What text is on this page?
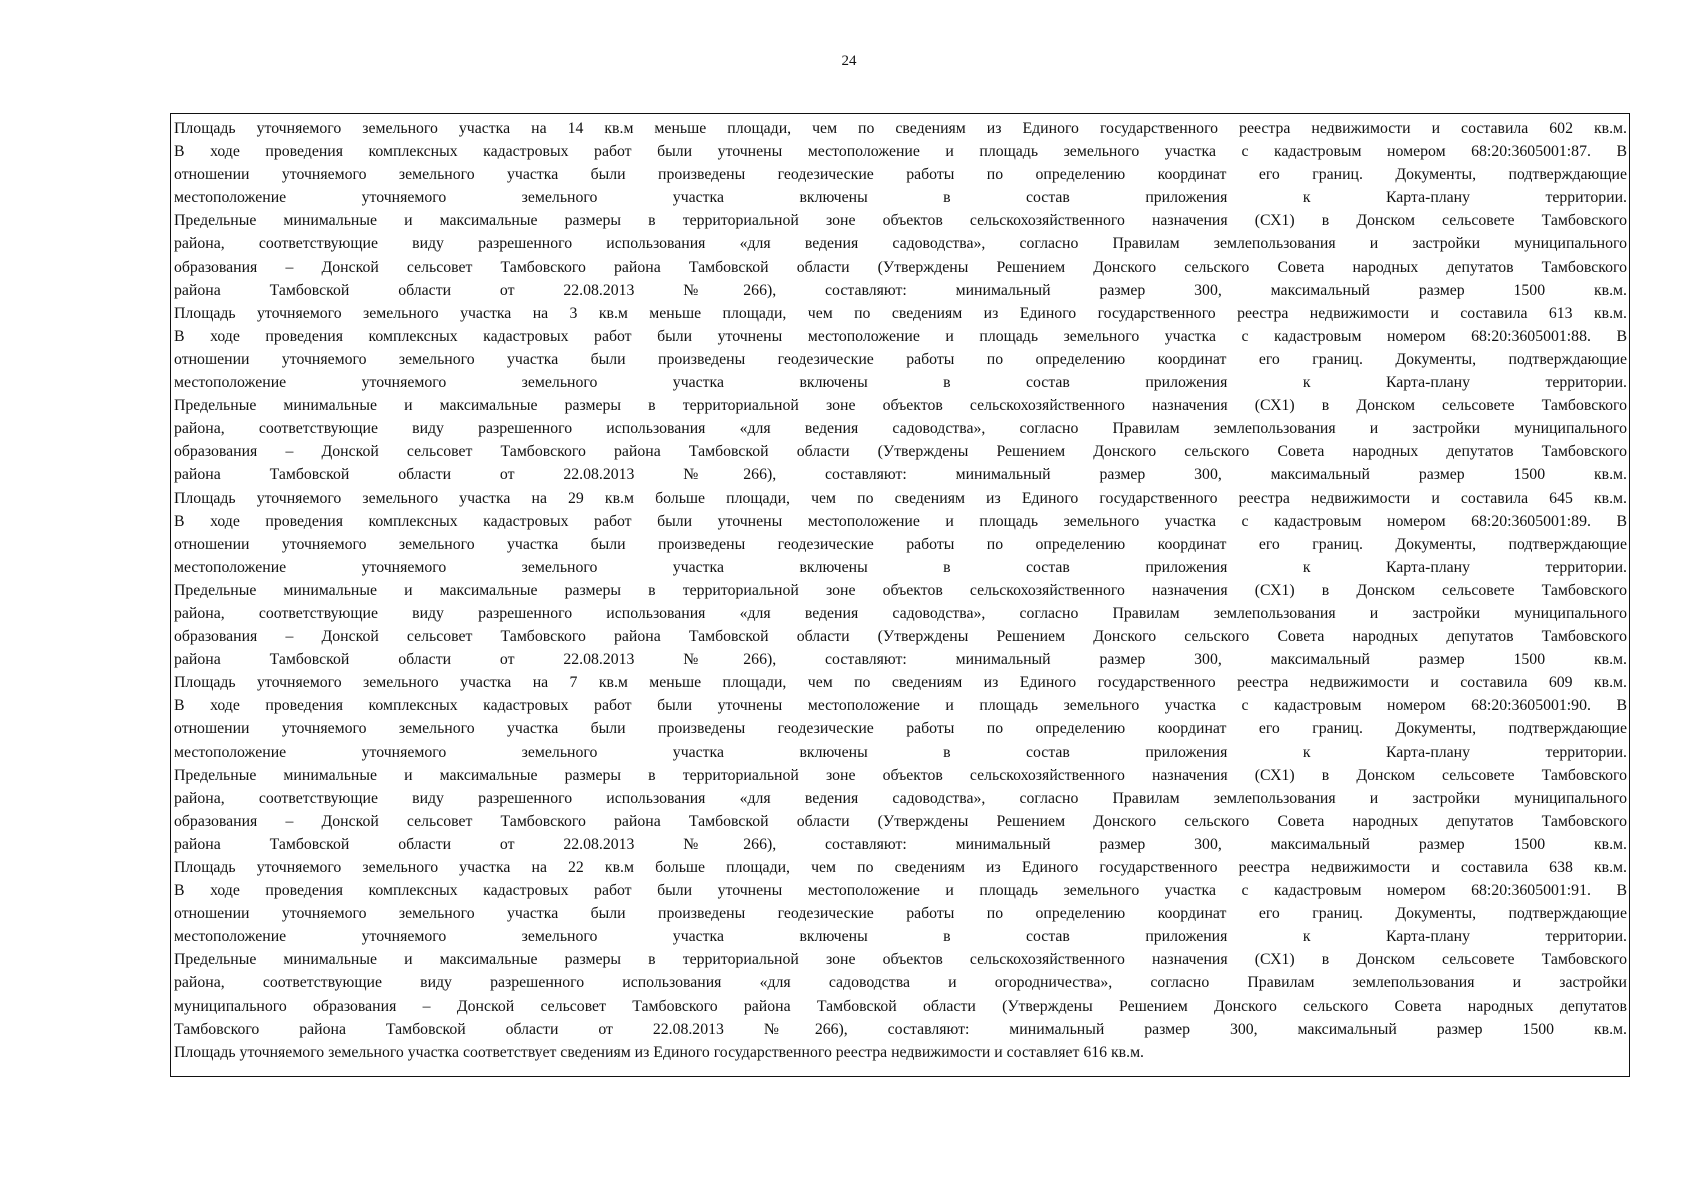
24
Площадь уточняемого земельного участка на 14 кв.м меньше площади, чем по сведениям из Единого государственного реестра недвижимости и составила 602 кв.м.
В ходе проведения комплексных кадастровых работ были уточнены местоположение и площадь земельного участка с кадастровым номером 68:20:3605001:87. В
отношении уточняемого земельного участка были произведены геодезические работы по определению координат его границ. Документы, подтверждающие
местоположение уточняемого земельного участка включены в состав приложения к Карта-плану территории.
Предельные минимальные и максимальные размеры в территориальной зоне объектов сельскохозяйственного назначения (СХ1) в Донском сельсовете Тамбовского
района, соответствующие виду разрешенного использования «для ведения садоводства», согласно Правилам землепользования и застройки муниципального
образования – Донской сельсовет Тамбовского района Тамбовской области (Утверждены Решением Донского сельского Совета народных депутатов Тамбовского
района Тамбовской области от 22.08.2013 №266), составляют: минимальный размер 300, максимальный размер 1500 кв.м.
Площадь уточняемого земельного участка на 3 кв.м меньше площади, чем по сведениям из Единого государственного реестра недвижимости и составила 613 кв.м.
В ходе проведения комплексных кадастровых работ были уточнены местоположение и площадь земельного участка с кадастровым номером 68:20:3605001:88. В
отношении уточняемого земельного участка были произведены геодезические работы по определению координат его границ. Документы, подтверждающие
местоположение уточняемого земельного участка включены в состав приложения к Карта-плану территории.
Предельные минимальные и максимальные размеры в территориальной зоне объектов сельскохозяйственного назначения (СХ1) в Донском сельсовете Тамбовского
района, соответствующие виду разрешенного использования «для ведения садоводства», согласно Правилам землепользования и застройки муниципального
образования – Донской сельсовет Тамбовского района Тамбовской области (Утверждены Решением Донского сельского Совета народных депутатов Тамбовского
района Тамбовской области от 22.08.2013 №266), составляют: минимальный размер 300, максимальный размер 1500 кв.м.
Площадь уточняемого земельного участка на 29 кв.м больше площади, чем по сведениям из Единого государственного реестра недвижимости и составила 645 кв.м.
В ходе проведения комплексных кадастровых работ были уточнены местоположение и площадь земельного участка с кадастровым номером 68:20:3605001:89. В
отношении уточняемого земельного участка были произведены геодезические работы по определению координат его границ. Документы, подтверждающие
местоположение уточняемого земельного участка включены в состав приложения к Карта-плану территории.
Предельные минимальные и максимальные размеры в территориальной зоне объектов сельскохозяйственного назначения (СХ1) в Донском сельсовете Тамбовского
района, соответствующие виду разрешенного использования «для ведения садоводства», согласно Правилам землепользования и застройки муниципального
образования – Донской сельсовет Тамбовского района Тамбовской области (Утверждены Решением Донского сельского Совета народных депутатов Тамбовского
района Тамбовской области от 22.08.2013 №266), составляют: минимальный размер 300, максимальный размер 1500 кв.м.
Площадь уточняемого земельного участка на 7 кв.м меньше площади, чем по сведениям из Единого государственного реестра недвижимости и составила 609 кв.м.
В ходе проведения комплексных кадастровых работ были уточнены местоположение и площадь земельного участка с кадастровым номером 68:20:3605001:90. В
отношении уточняемого земельного участка были произведены геодезические работы по определению координат его границ. Документы, подтверждающие
местоположение уточняемого земельного участка включены в состав приложения к Карта-плану территории.
Предельные минимальные и максимальные размеры в территориальной зоне объектов сельскохозяйственного назначения (СХ1) в Донском сельсовете Тамбовского
района, соответствующие виду разрешенного использования «для ведения садоводства», согласно Правилам землепользования и застройки муниципального
образования – Донской сельсовет Тамбовского района Тамбовской области (Утверждены Решением Донского сельского Совета народных депутатов Тамбовского
района Тамбовской области от 22.08.2013 №266), составляют: минимальный размер 300, максимальный размер 1500 кв.м.
Площадь уточняемого земельного участка на 22 кв.м больше площади, чем по сведениям из Единого государственного реестра недвижимости и составила 638 кв.м.
В ходе проведения комплексных кадастровых работ были уточнены местоположение и площадь земельного участка с кадастровым номером 68:20:3605001:91. В
отношении уточняемого земельного участка были произведены геодезические работы по определению координат его границ. Документы, подтверждающие
местоположение уточняемого земельного участка включены в состав приложения к Карта-плану территории.
Предельные минимальные и максимальные размеры в территориальной зоне объектов сельскохозяйственного назначения (СХ1) в Донском сельсовете Тамбовского
района, соответствующие виду разрешенного использования «для садоводства и огородничества», согласно Правилам землепользования и застройки
муниципального образования – Донской сельсовет Тамбовского района Тамбовской области (Утверждены Решением Донского сельского Совета народных депутатов
Тамбовского района Тамбовской области от 22.08.2013 №266), составляют: минимальный размер 300, максимальный размер 1500 кв.м.
Площадь уточняемого земельного участка соответствует сведениям из Единого государственного реестра недвижимости и составляет 616 кв.м.
